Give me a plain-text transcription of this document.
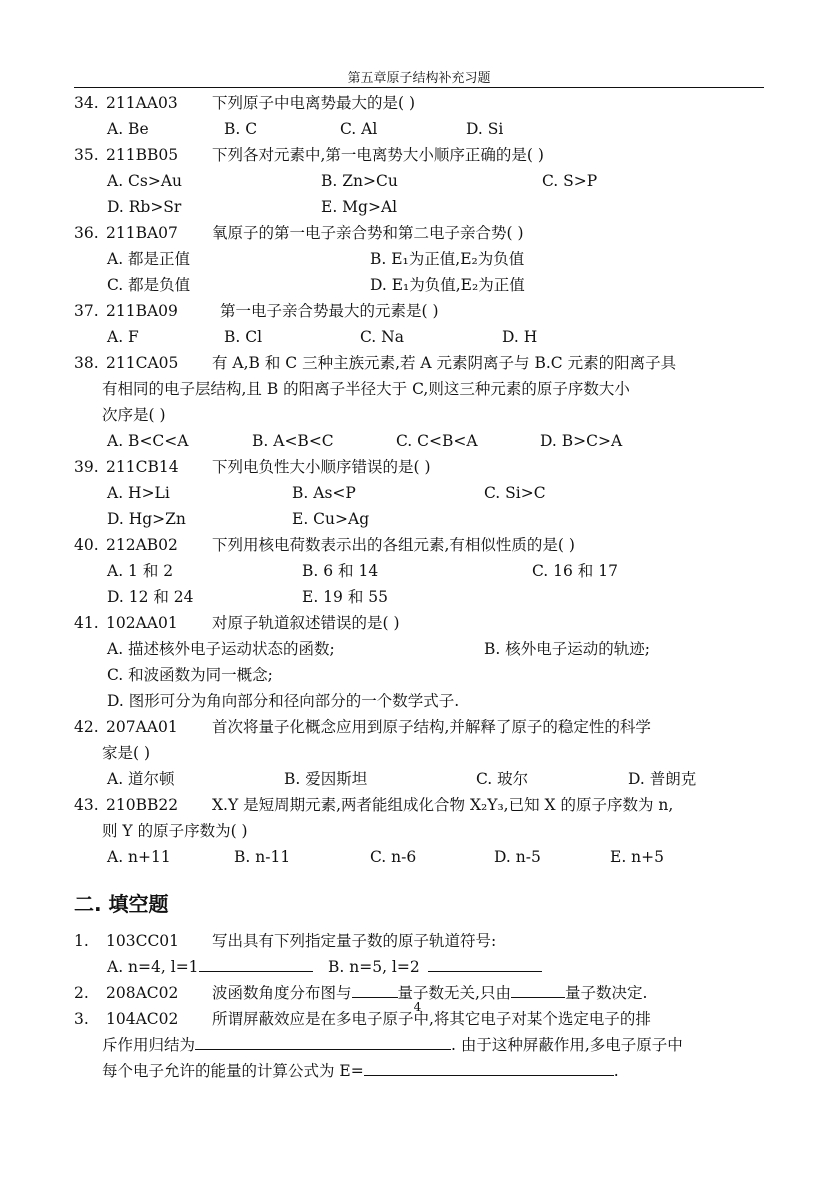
第五章原子结构补充习题
34. 211AA03 下列原子中电离势最大的是( )
A. Be	B. C	C. Al	D. Si
35. 211BB05 下列各对元素中,第一电离势大小顺序正确的是( )
A. Cs>Au	B. Zn>Cu	C. S>P
D. Rb>Sr	E. Mg>Al
36. 211BA07 氧原子的第一电子亲合势和第二电子亲合势( )
A. 都是正值	B. E₁为正值,E₂为负值
C. 都是负值	D. E₁为负值,E₂为正值
37. 211BA09	第一电子亲合势最大的元素是( )
A. F	B. Cl	C. Na	D. H
38. 211CA05 有 A,B 和 C 三种主族元素,若 A 元素阴离子与 B.C 元素的阳离子具
有相同的电子层结构,且 B 的阳离子半径大于 C,则这三种元素的原子序数大小
次序是( )
A. B<C<A	B. A<B<C	C. C<B<A	D. B>C>A
39. 211CB14 下列电负性大小顺序错误的是( )
A. H>Li	B. As<P	C. Si>C
D. Hg>Zn	E. Cu>Ag
40. 212AB02 下列用核电荷数表示出的各组元素,有相似性质的是( )
A. 1 和 2	B. 6 和 14	C. 16 和 17
D. 12 和 24	E. 19 和 55
41. 102AA01 对原子轨道叙述错误的是( )
A. 描述核外电子运动状态的函数;	B. 核外电子运动的轨迹;
C. 和波函数为同一概念;
D. 图形可分为角向部分和径向部分的一个数学式子.
42. 207AA01 首次将量子化概念应用到原子结构,并解释了原子的稳定性的科学
家是( )
A. 道尔顿	B. 爱因斯坦	C. 玻尔	D. 普朗克
43. 210BB22 X.Y 是短周期元素,两者能组成化合物 X₂Y₃,已知 X 的原子序数为 n,
则 Y 的原子序数为( )
A. n+11	B. n-11	C. n-6	D. n-5	E. n+5
二. 填空题
1. 103CC01 写出具有下列指定量子数的原子轨道符号:
A. n=4, l=1	B. n=5, l=2
2. 208AC02 波函数角度分布图与	量子数无关,只由	量子数决定.
3. 104AC02 所谓屏蔽效应是在多电子原子中,将其它电子对某个选定电子的排
斥作用归结为	. 由于这种屏蔽作用,多电子原子中
每个电子允许的能量的计算公式为 E=	.
4
